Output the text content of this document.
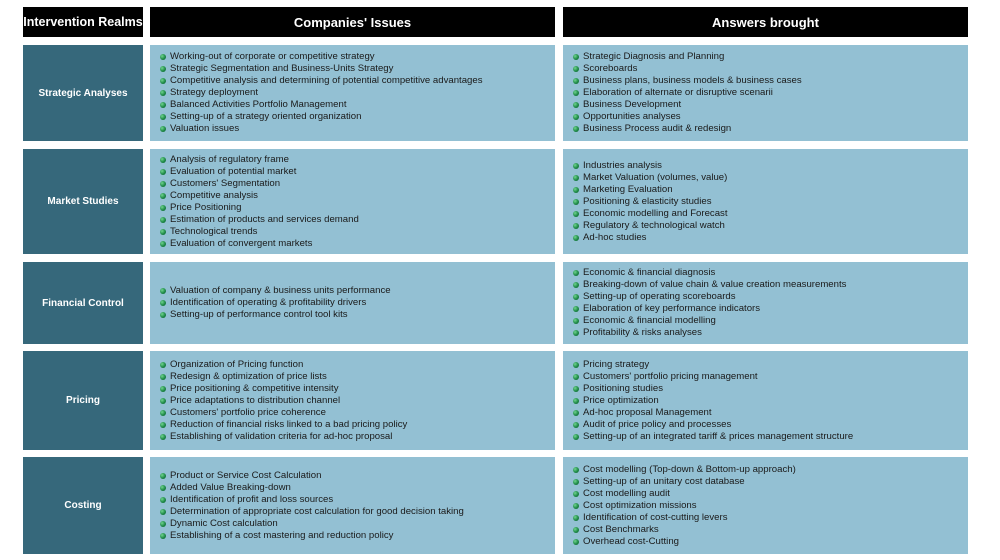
Intervention Realms	Companies' Issues	Answers brought
Strategic Analyses
Working-out of corporate or competitive strategy
Strategic Segmentation and Business-Units Strategy
Competitive analysis and determining of potential competitive advantages
Strategy deployment
Balanced Activities Portfolio Management
Setting-up of a strategy oriented organization
Valuation issues
Strategic Diagnosis and Planning
Scoreboards
Business plans, business models & business cases
Elaboration of alternate or disruptive scenarii
Business Development
Opportunities analyses
Business Process audit & redesign
Market Studies
Analysis of regulatory frame
Evaluation of potential market
Customers' Segmentation
Competitive analysis
Price Positioning
Estimation of products and services demand
Technological trends
Evaluation of convergent markets
Industries analysis
Market Valuation (volumes, value)
Marketing Evaluation
Positioning & elasticity studies
Economic modelling and Forecast
Regulatory & technological watch
Ad-hoc studies
Financial Control
Valuation of company & business units performance
Identification of operating & profitability drivers
Setting-up of performance control tool kits
Economic & financial diagnosis
Breaking-down of value chain & value creation measurements
Setting-up of operating scoreboards
Elaboration of key performance indicators
Economic & financial modelling
Profitability & risks analyses
Pricing
Organization of Pricing function
Redesign & optimization of price lists
Price positioning & competitive intensity
Price adaptations to distribution channel
Customers' portfolio price coherence
Reduction of financial risks linked to a bad pricing policy
Establishing of validation criteria for ad-hoc proposal
Pricing strategy
Customers' portfolio pricing management
Positioning studies
Price optimization
Ad-hoc proposal Management
Audit of price policy and processes
Setting-up of an integrated tariff & prices management structure
Costing
Product or Service Cost Calculation
Added Value Breaking-down
Identification of profit and loss sources
Determination of appropriate cost calculation for good decision taking
Dynamic Cost calculation
Establishing of a cost mastering and reduction policy
Cost modelling (Top-down & Bottom-up approach)
Setting-up of an unitary cost database
Cost modelling audit
Cost optimization missions
Identification of cost-cutting levers
Cost Benchmarks
Overhead cost-Cutting
